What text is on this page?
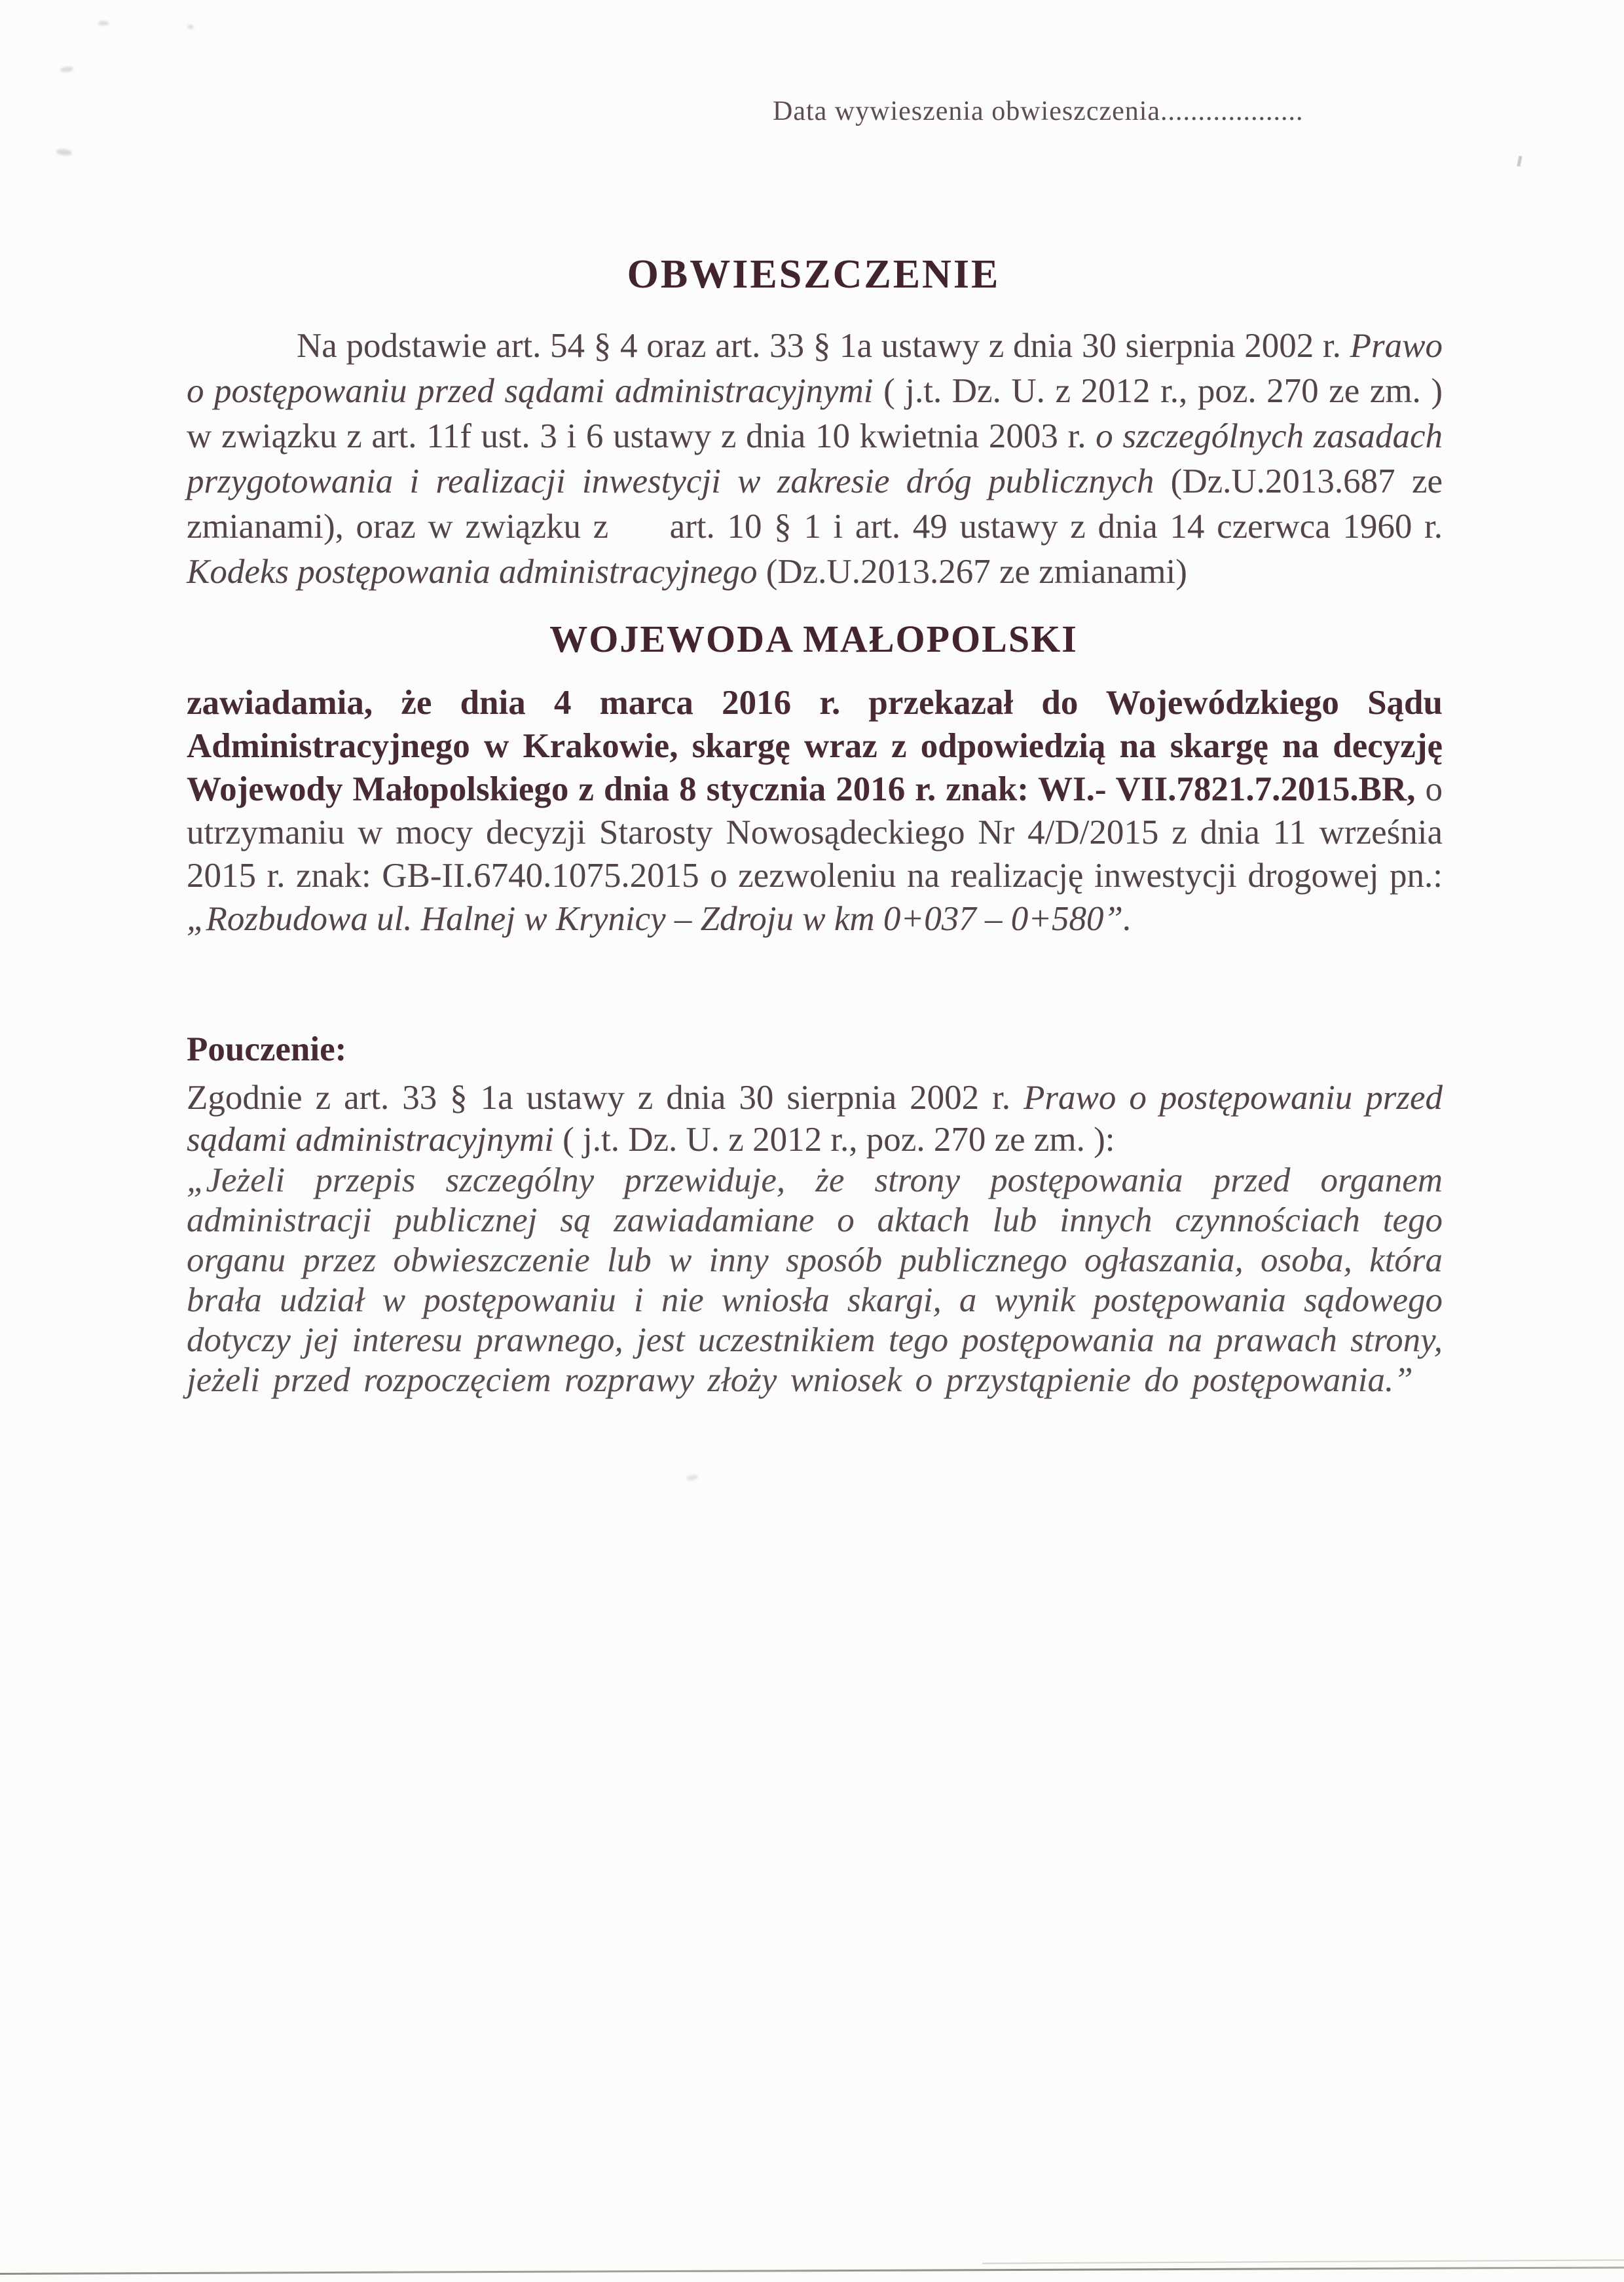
Data wywieszenia obwieszczenia...................
OBWIESZCZENIE

Na podstawie art. 54 § 4 oraz art. 33 § 1a ustawy z dnia 30 sierpnia 2002 r. Prawo o postępowaniu przed sądami administracyjnymi ( j.t. Dz. U. z 2012 r., poz. 270 ze zm. ) w związku z art. 11f ust. 3 i 6 ustawy z dnia 10 kwietnia 2003 r. o szczególnych zasadach przygotowania i realizacji inwestycji w zakresie dróg publicznych (Dz.U.2013.687 ze zmianami), oraz w związku z     art. 10 § 1 i art. 49 ustawy z dnia 14 czerwca 1960 r. Kodeks postępowania administracyjnego (Dz.U.2013.267 ze zmianami)

WOJEWODA MAŁOPOLSKI

zawiadamia, że dnia 4 marca 2016 r. przekazał do Wojewódzkiego Sądu Administracyjnego w Krakowie, skargę wraz z odpowiedzią na skargę na decyzję Wojewody Małopolskiego z dnia 8 stycznia 2016 r. znak: WI.- VII.7821.7.2015.BR, o utrzymaniu w mocy decyzji Starosty Nowosądeckiego Nr 4/D/2015 z dnia 11 września 2015 r. znak: GB-II.6740.1075.2015 o zezwoleniu na realizację inwestycji drogowej pn.: „Rozbudowa ul. Halnej w Krynicy – Zdroju w km 0+037 – 0+580”.

Pouczenie:

Zgodnie z art. 33 § 1a ustawy z dnia 30 sierpnia 2002 r. Prawo o postępowaniu przed sądami administracyjnymi ( j.t. Dz. U. z 2012 r., poz. 270 ze zm. ):

„Jeżeli przepis szczególny przewiduje, że strony postępowania przed organem administracji publicznej są zawiadamiane o aktach lub innych czynnościach tego organu przez obwieszczenie lub w inny sposób publicznego ogłaszania, osoba, która brała udział w postępowaniu i nie wniosła skargi, a wynik postępowania sądowego dotyczy jej interesu prawnego, jest uczestnikiem tego postępowania na prawach strony, jeżeli przed rozpoczęciem rozprawy złoży wniosek o przystąpienie do postępowania.”
